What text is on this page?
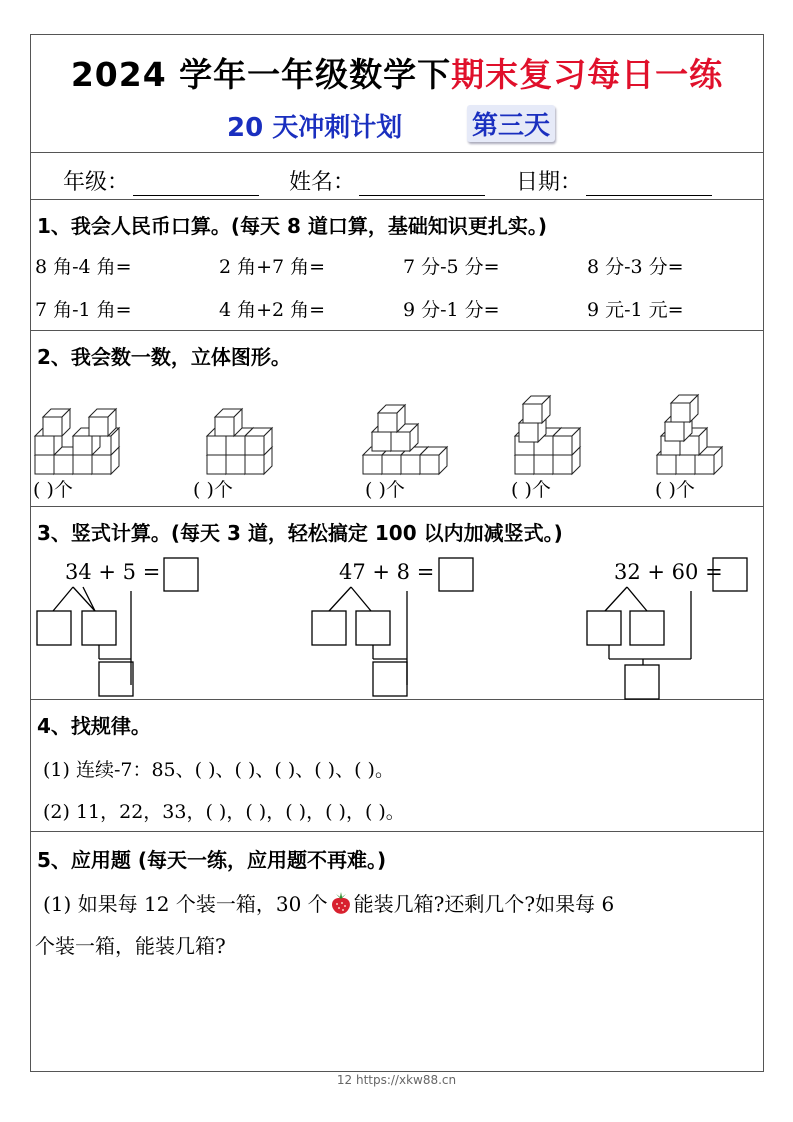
2024 学年一年级数学下期末复习每日一练
20 天冲刺计划	第三天
年级：	姓名：	日期：
1、我会人民币口算。(每天 8 道口算，基础知识更扎实。)
8 角-4 角=	2 角+7 角=	7 分-5 分=	8 分-3 分=
7 角-1 角=	4 角+2 角=	9 分-1 分=	9 元-1 元=
2、我会数一数，立体图形。
( )个	( )个	( )个	( )个	( )个
3、竖式计算。(每天 3 道，轻松搞定 100 以内加减竖式。)
34 + 5 =	47 + 8 =	32 + 60 =
4、找规律。
(1) 连续-7：85、( )、( )、( )、( )、( )。
(2) 11，22，33，( )，( )，( )，( )，( )。
5、应用题 (每天一练，应用题不再难。)
(1) 如果每 12 个装一箱，30 个 能装几箱?还剩几个?如果每 6
个装一箱，能装几箱?
12 https://xkw88.cn
